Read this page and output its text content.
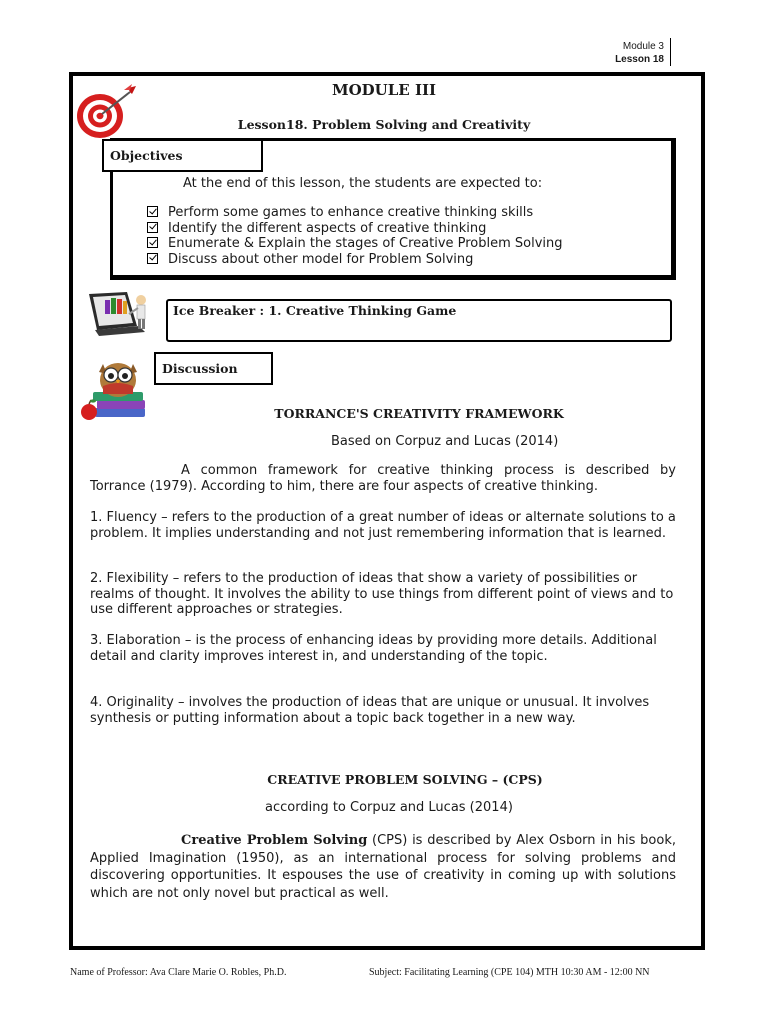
Module 3
Lesson 18
MODULE III
Lesson18. Problem Solving and Creativity
Objectives
At the end of this lesson, the students are expected to:
Perform some games to enhance creative thinking skills
Identify the different aspects of creative thinking
Enumerate & Explain the stages of Creative Problem Solving
Discuss about other model for Problem Solving
Ice Breaker : 1. Creative Thinking Game
Discussion
TORRANCE'S CREATIVITY FRAMEWORK
Based on Corpuz and Lucas (2014)
A common framework for creative thinking process is described by Torrance (1979). According to him, there are four aspects of creative thinking.
1. Fluency – refers to the production of a great number of ideas or alternate solutions to a problem. It implies understanding and not just remembering information that is learned.
2. Flexibility – refers to the production of ideas that show a variety of possibilities or realms of thought. It involves the ability to use things from different point of views and to use different approaches or strategies.
3. Elaboration – is the process of enhancing ideas by providing more details. Additional detail and clarity improves interest in, and understanding of the topic.
4. Originality – involves the production of ideas that are unique or unusual. It involves synthesis or putting information about a topic back together in a new way.
CREATIVE PROBLEM SOLVING – (CPS)
according to Corpuz and Lucas (2014)
Creative Problem Solving (CPS) is described by Alex Osborn in his book, Applied Imagination (1950), as an international process for solving problems and discovering opportunities. It espouses the use of creativity in coming up with solutions which are not only novel but practical as well.
Name of Professor: Ava Clare Marie O. Robles, Ph.D.	Subject: Facilitating Learning (CPE 104) MTH 10:30 AM - 12:00 NN
